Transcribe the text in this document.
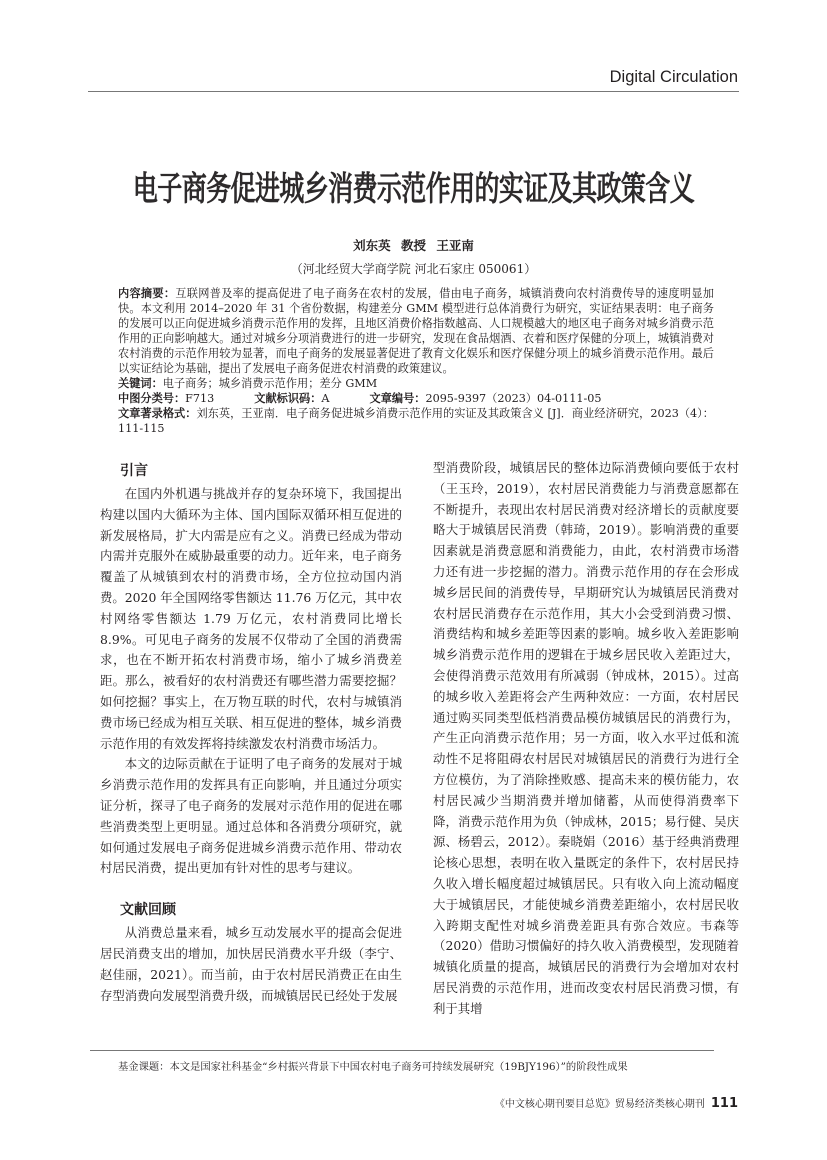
Digital Circulation
电子商务促进城乡消费示范作用的实证及其政策含义
刘东英 教授 王亚南
（河北经贸大学商学院 河北石家庄 050061）
内容摘要：互联网普及率的提高促进了电子商务在农村的发展，借由电子商务，城镇消费向农村消费传导的速度明显加快。本文利用 2014–2020 年 31 个省份数据，构建差分 GMM 模型进行总体消费行为研究，实证结果表明：电子商务的发展可以正向促进城乡消费示范作用的发挥，且地区消费价格指数越高、人口规模越大的地区电子商务对城乡消费示范作用的正向影响越大。通过对城乡分项消费进行的进一步研究，发现在食品烟酒、衣着和医疗保健的分项上，城镇消费对农村消费的示范作用较为显著，而电子商务的发展显著促进了教育文化娱乐和医疗保健分项上的城乡消费示范作用。最后以实证结论为基础，提出了发展电子商务促进农村消费的政策建议。
关键词：电子商务；城乡消费示范作用；差分 GMM
中图分类号：F713	文献标识码：A	文章编号：2095-9397（2023）04-0111-05
文章著录格式：刘东英，王亚南．电子商务促进城乡消费示范作用的实证及其政策含义 [J]．商业经济研究，2023（4）：111-115
引言

在国内外机遇与挑战并存的复杂环境下，我国提出构建以国内大循环为主体、国内国际双循环相互促进的新发展格局，扩大内需是应有之义。消费已经成为带动内需并克服外在威胁最重要的动力。近年来，电子商务覆盖了从城镇到农村的消费市场，全方位拉动国内消费。2020 年全国网络零售额达 11.76 万亿元，其中农村网络零售额达 1.79 万亿元，农村消费同比增长 8.9%。可见电子商务的发展不仅带动了全国的消费需求，也在不断开拓农村消费市场，缩小了城乡消费差距。那么，被看好的农村消费还有哪些潜力需要挖掘？如何挖掘？事实上，在万物互联的时代，农村与城镇消费市场已经成为相互关联、相互促进的整体，城乡消费示范作用的有效发挥将持续激发农村消费市场活力。

本文的边际贡献在于证明了电子商务的发展对于城乡消费示范作用的发挥具有正向影响，并且通过分项实证分析，探寻了电子商务的发展对示范作用的促进在哪些消费类型上更明显。通过总体和各消费分项研究，就如何通过发展电子商务促进城乡消费示范作用、带动农村居民消费，提出更加有针对性的思考与建议。

文献回顾

从消费总量来看，城乡互动发展水平的提高会促进居民消费支出的增加，加快居民消费水平升级（李宁、赵佳丽，2021）。而当前，由于农村居民消费正在由生存型消费向发展型消费升级，而城镇居民已经处于发展

型消费阶段，城镇居民的整体边际消费倾向要低于农村（王玉玲，2019），农村居民消费能力与消费意愿都在不断提升，表现出农村居民消费对经济增长的贡献度要略大于城镇居民消费（韩琦，2019）。影响消费的重要因素就是消费意愿和消费能力，由此，农村消费市场潜力还有进一步挖掘的潜力。消费示范作用的存在会形成城乡居民间的消费传导，早期研究认为城镇居民消费对农村居民消费存在示范作用，其大小会受到消费习惯、消费结构和城乡差距等因素的影响。城乡收入差距影响城乡消费示范作用的逻辑在于城乡居民收入差距过大，会使得消费示范效用有所减弱（钟成林，2015）。过高的城乡收入差距将会产生两种效应：一方面，农村居民通过购买同类型低档消费品模仿城镇居民的消费行为，产生正向消费示范作用；另一方面，收入水平过低和流动性不足将阻碍农村居民对城镇居民的消费行为进行全方位模仿，为了消除挫败感、提高未来的模仿能力，农村居民减少当期消费并增加储蓄，从而使得消费率下降，消费示范作用为负（钟成林，2015；易行健、吴庆源、杨碧云，2012）。秦晓娟（2016）基于经典消费理论核心思想，表明在收入量既定的条件下，农村居民持久收入增长幅度超过城镇居民。只有收入向上流动幅度大于城镇居民，才能使城乡消费差距缩小，农村居民收入跨期支配性对城乡消费差距具有弥合效应。韦森等（2020）借助习惯偏好的持久收入消费模型，发现随着城镇化质量的提高，城镇居民的消费行为会增加对农村居民消费的示范作用，进而改变农村居民消费习惯，有利于其增

基金课题：本文是国家社科基金“乡村振兴背景下中国农村电子商务可持续发展研究（19BJY196）”的阶段性成果
《中文核心期刊要目总览》贸易经济类核心期刊 111
